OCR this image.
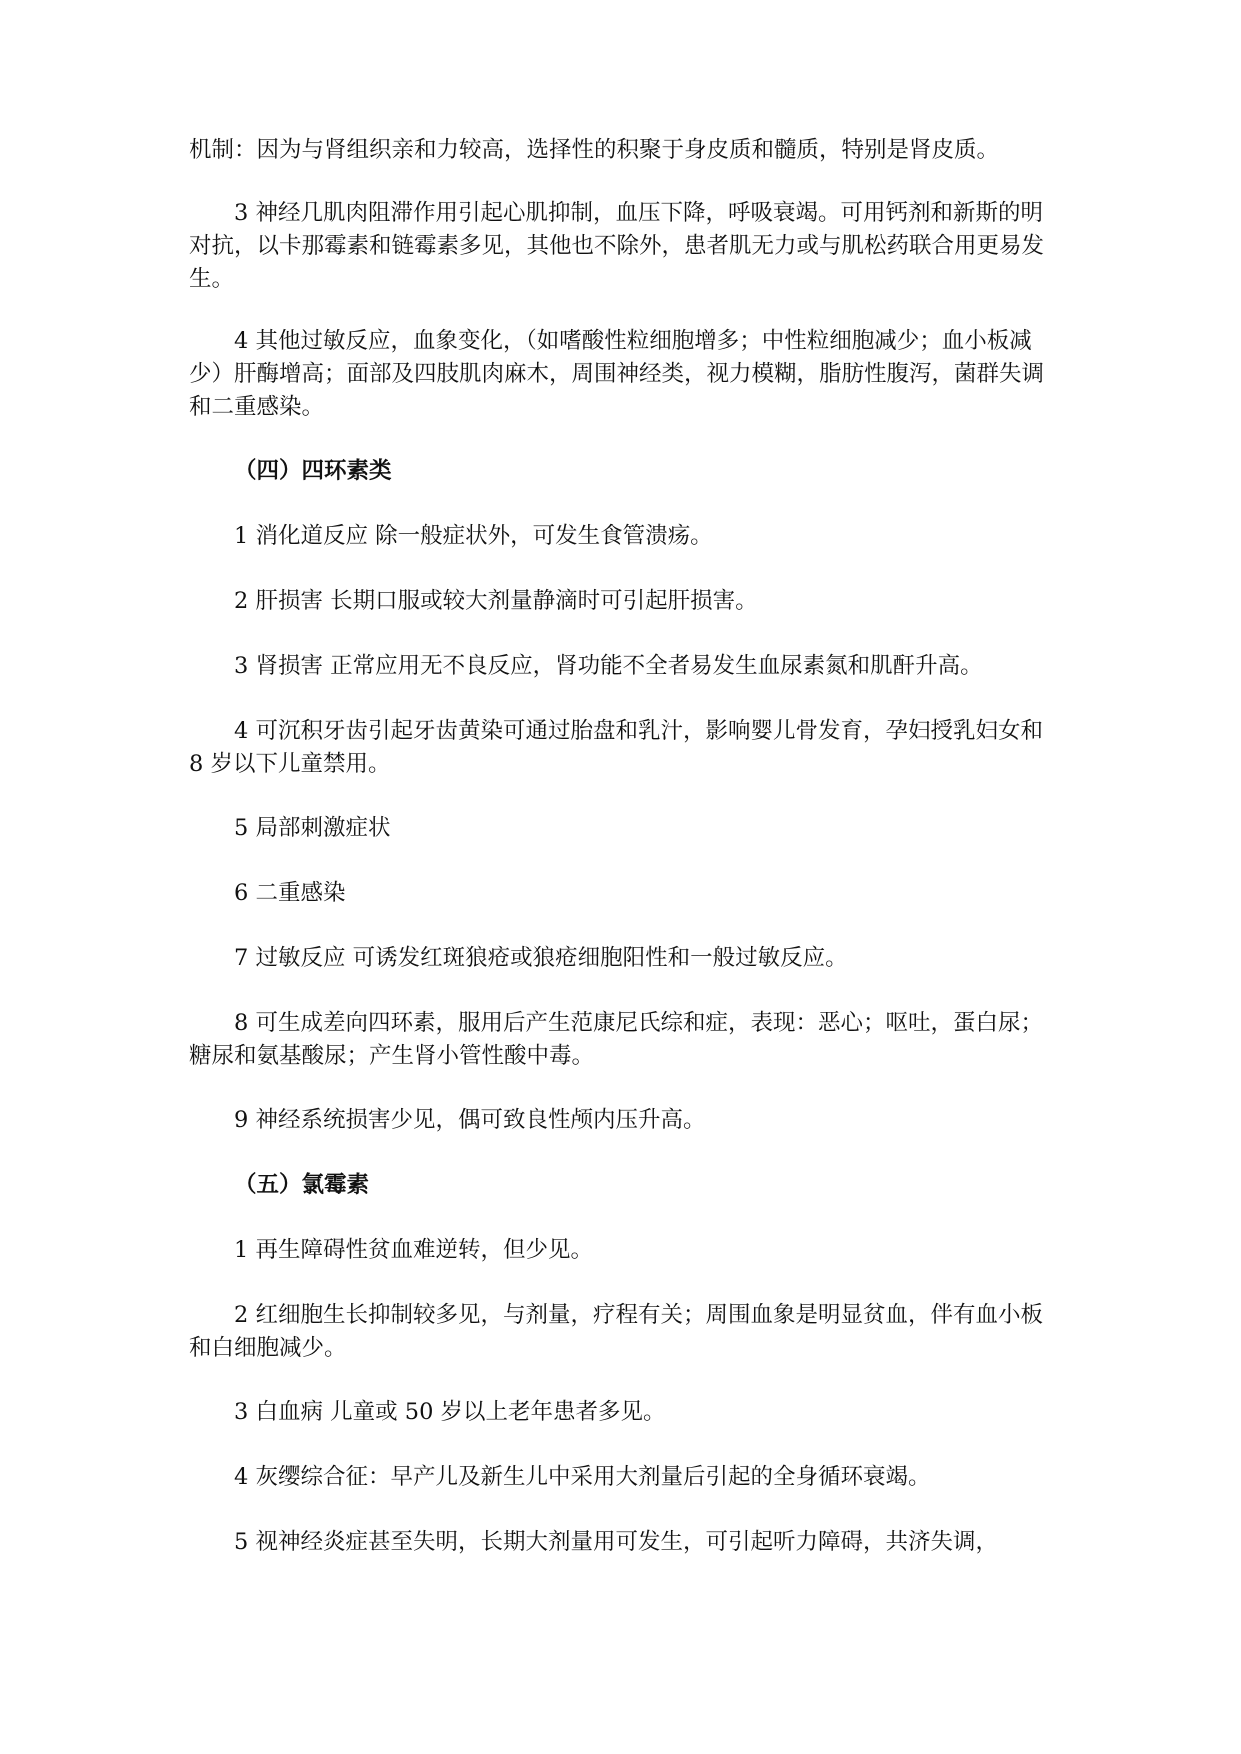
机制：因为与肾组织亲和力较高，选择性的积聚于身皮质和髓质，特别是肾皮质。

3 神经几肌肉阻滞作用引起心肌抑制，血压下降，呼吸衰竭。可用钙剂和新斯的明对抗，以卡那霉素和链霉素多见，其他也不除外，患者肌无力或与肌松药联合用更易发生。

4 其他过敏反应，血象变化，（如嗜酸性粒细胞增多；中性粒细胞减少；血小板减少）肝酶增高；面部及四肢肌肉麻木，周围神经类，视力模糊，脂肪性腹泻，菌群失调和二重感染。

（四）四环素类

1 消化道反应 除一般症状外，可发生食管溃疡。

2 肝损害 长期口服或较大剂量静滴时可引起肝损害。

3 肾损害 正常应用无不良反应，肾功能不全者易发生血尿素氮和肌酐升高。

4 可沉积牙齿引起牙齿黄染可通过胎盘和乳汁，影响婴儿骨发育，孕妇授乳妇女和 8 岁以下儿童禁用。

5 局部刺激症状

6 二重感染

7 过敏反应 可诱发红斑狼疮或狼疮细胞阳性和一般过敏反应。

8 可生成差向四环素，服用后产生范康尼氏综和症，表现：恶心；呕吐，蛋白尿；糖尿和氨基酸尿；产生肾小管性酸中毒。

9 神经系统损害少见，偶可致良性颅内压升高。

（五）氯霉素

1 再生障碍性贫血难逆转，但少见。

2 红细胞生长抑制较多见，与剂量，疗程有关；周围血象是明显贫血，伴有血小板和白细胞减少。

3 白血病 儿童或 50 岁以上老年患者多见。

4 灰缨综合征：早产儿及新生儿中采用大剂量后引起的全身循环衰竭。

5 视神经炎症甚至失明，长期大剂量用可发生，可引起听力障碍，共济失调，
